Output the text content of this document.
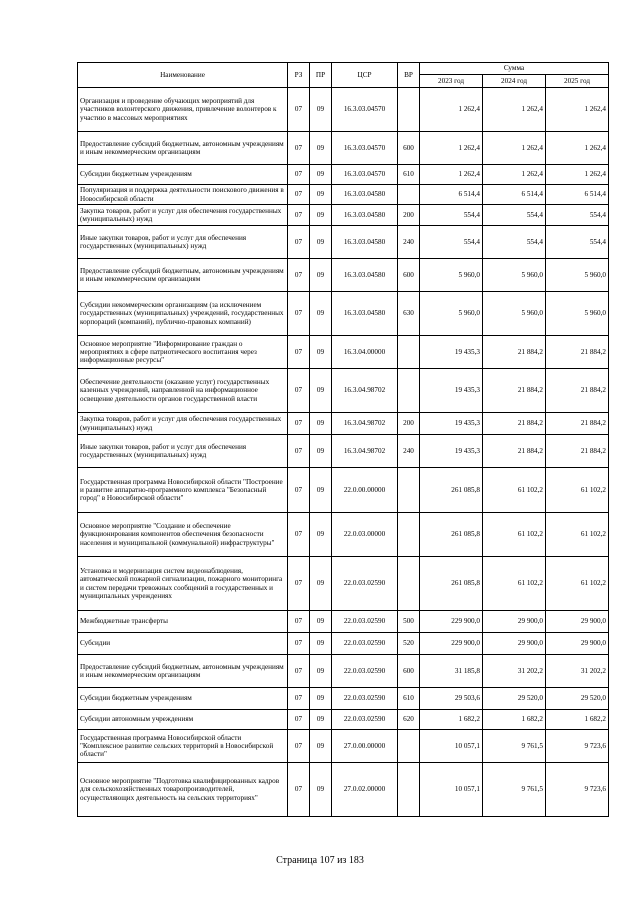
Наименование	РЗ	ПР	ЦСР	ВР	Сумма		
					2023 год	2024 год	2025 год
Организация и проведение обучающих мероприятий для участников волонтерского движения, привлечение волонтеров к участию в массовых мероприятиях	07	09	16.3.03.04570		1 262,4	1 262,4	1 262,4
Предоставление субсидий бюджетным, автономным учреждениям и иным некоммерческим организациям	07	09	16.3.03.04570	600	1 262,4	1 262,4	1 262,4
Субсидии бюджетным учреждениям	07	09	16.3.03.04570	610	1 262,4	1 262,4	1 262,4
Популяризация и поддержка деятельности поискового движения в Новосибирской области	07	09	16.3.03.04580		6 514,4	6 514,4	6 514,4
Закупка товаров, работ и услуг для обеспечения государственных (муниципальных) нужд	07	09	16.3.03.04580	200	554,4	554,4	554,4
Иные закупки товаров, работ и услуг для обеспечения государственных (муниципальных) нужд	07	09	16.3.03.04580	240	554,4	554,4	554,4
Предоставление субсидий бюджетным, автономным учреждениям и иным некоммерческим организациям	07	09	16.3.03.04580	600	5 960,0	5 960,0	5 960,0
Субсидии некоммерческим организациям (за исключением государственных (муниципальных) учреждений, государственных корпораций (компаний), публично-правовых компаний)	07	09	16.3.03.04580	630	5 960,0	5 960,0	5 960,0
Основное мероприятие "Информирование граждан о мероприятиях в сфере патриотического воспитания через информационные ресурсы"	07	09	16.3.04.00000		19 435,3	21 884,2	21 884,2
Обеспечение деятельности (оказание услуг) государственных казенных учреждений, направленной на информационное освещение деятельности органов государственной власти	07	09	16.3.04.98702		19 435,3	21 884,2	21 884,2
Закупка товаров, работ и услуг для обеспечения государственных (муниципальных) нужд	07	09	16.3.04.98702	200	19 435,3	21 884,2	21 884,2
Иные закупки товаров, работ и услуг для обеспечения государственных (муниципальных) нужд	07	09	16.3.04.98702	240	19 435,3	21 884,2	21 884,2
Государственная программа Новосибирской области "Построение и развитие аппаратно-программного комплекса "Безопасный город" в Новосибирской области"	07	09	22.0.00.00000		261 085,8	61 102,2	61 102,2
Основное мероприятие "Создание и обеспечение функционирования компонентов обеспечения безопасности населения и муниципальной (коммунальной) инфраструктуры"	07	09	22.0.03.00000		261 085,8	61 102,2	61 102,2
Установка и модернизация систем видеонаблюдения, автоматической пожарной сигнализации, пожарного мониторинга и систем передачи тревожных сообщений в государственных и муниципальных учреждениях	07	09	22.0.03.02590		261 085,8	61 102,2	61 102,2
Межбюджетные трансферты	07	09	22.0.03.02590	500	229 900,0	29 900,0	29 900,0
Субсидии	07	09	22.0.03.02590	520	229 900,0	29 900,0	29 900,0
Предоставление субсидий бюджетным, автономным учреждениям и иным некоммерческим организациям	07	09	22.0.03.02590	600	31 185,8	31 202,2	31 202,2
Субсидии бюджетным учреждениям	07	09	22.0.03.02590	610	29 503,6	29 520,0	29 520,0
Субсидии автономным учреждениям	07	09	22.0.03.02590	620	1 682,2	1 682,2	1 682,2
Государственная программа Новосибирской области "Комплексное развитие сельских территорий в Новосибирской области"	07	09	27.0.00.00000		10 057,1	9 761,5	9 723,6
Основное мероприятие "Подготовка квалифицированных кадров для сельскохозяйственных товаропроизводителей, осуществляющих деятельность на сельских территориях"	07	09	27.0.02.00000		10 057,1	9 761,5	9 723,6
Страница 107 из 183
